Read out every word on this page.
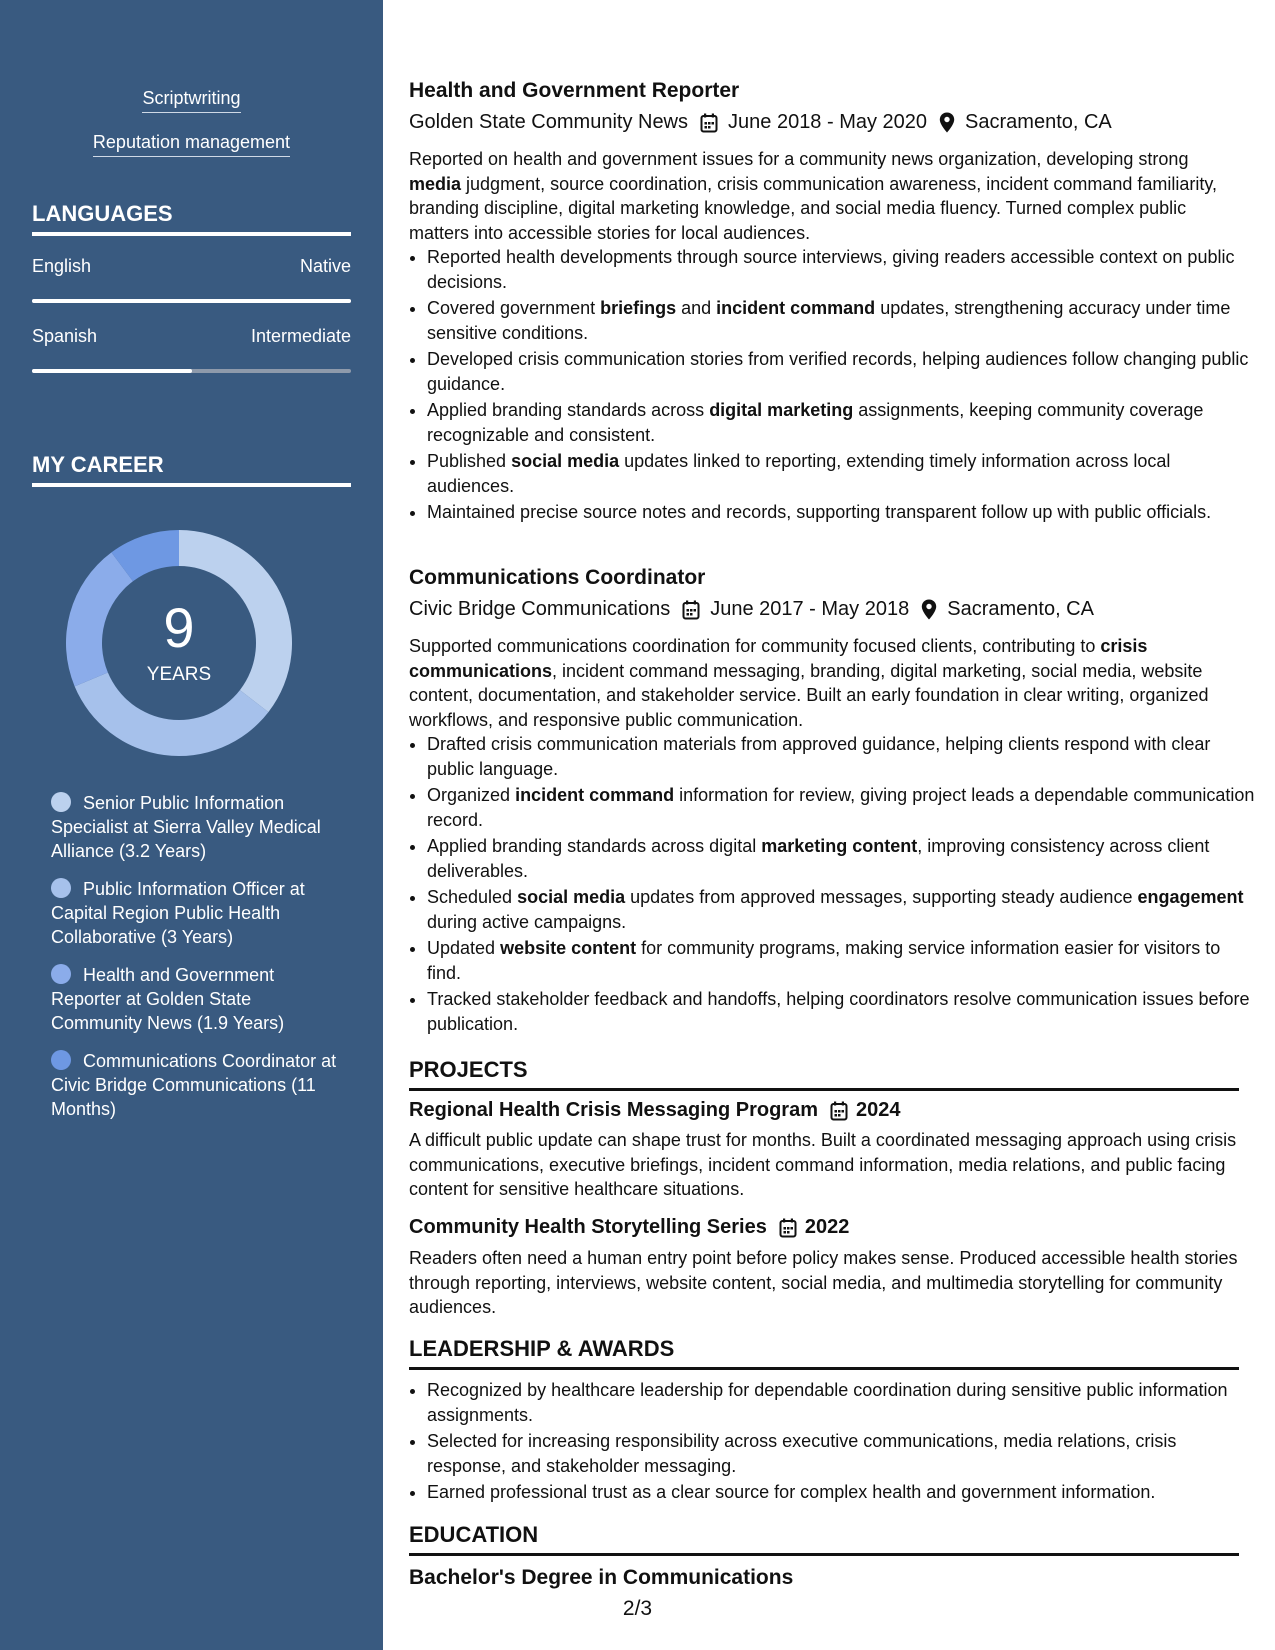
Scriptwriting
Reputation management
LANGUAGES
English	Native
Spanish	Intermediate
MY CAREER
9
YEARS
Senior Public Information Specialist at Sierra Valley Medical Alliance (3.2 Years)
Public Information Officer at Capital Region Public Health Collaborative (3 Years)
Health and Government Reporter at Golden State Community News (1.9 Years)
Communications Coordinator at Civic Bridge Communications (11 Months)
Health and Government Reporter
Golden State Community News June 2018 - May 2020 Sacramento, CA

Reported on health and government issues for a community news organization, developing strong media judgment, source coordination, crisis communication awareness, incident command familiarity, branding discipline, digital marketing knowledge, and social media fluency. Turned complex public matters into accessible stories for local audiences.

• Reported health developments through source interviews, giving readers accessible context on public decisions.
• Covered government briefings and incident command updates, strengthening accuracy under time sensitive conditions.
• Developed crisis communication stories from verified records, helping audiences follow changing public guidance.
• Applied branding standards across digital marketing assignments, keeping community coverage recognizable and consistent.
• Published social media updates linked to reporting, extending timely information across local audiences.
• Maintained precise source notes and records, supporting transparent follow up with public officials.
Communications Coordinator
Civic Bridge Communications June 2017 - May 2018 Sacramento, CA

Supported communications coordination for community focused clients, contributing to crisis communications, incident command messaging, branding, digital marketing, social media, website content, documentation, and stakeholder service. Built an early foundation in clear writing, organized workflows, and responsive public communication.

• Drafted crisis communication materials from approved guidance, helping clients respond with clear public language.
• Organized incident command information for review, giving project leads a dependable communication record.
• Applied branding standards across digital marketing content, improving consistency across client deliverables.
• Scheduled social media updates from approved messages, supporting steady audience engagement during active campaigns.
• Updated website content for community programs, making service information easier for visitors to find.
• Tracked stakeholder feedback and handoffs, helping coordinators resolve communication issues before publication.
PROJECTS
Regional Health Crisis Messaging Program 2024

A difficult public update can shape trust for months. Built a coordinated messaging approach using crisis communications, executive briefings, incident command information, media relations, and public facing content for sensitive healthcare situations.

Community Health Storytelling Series 2022

Readers often need a human entry point before policy makes sense. Produced accessible health stories through reporting, interviews, website content, social media, and multimedia storytelling for community audiences.

LEADERSHIP & AWARDS
• Recognized by healthcare leadership for dependable coordination during sensitive public information assignments.
• Selected for increasing responsibility across executive communications, media relations, crisis response, and stakeholder messaging.
• Earned professional trust as a clear source for complex health and government information.
EDUCATION
Bachelor's Degree in Communications
2/3
